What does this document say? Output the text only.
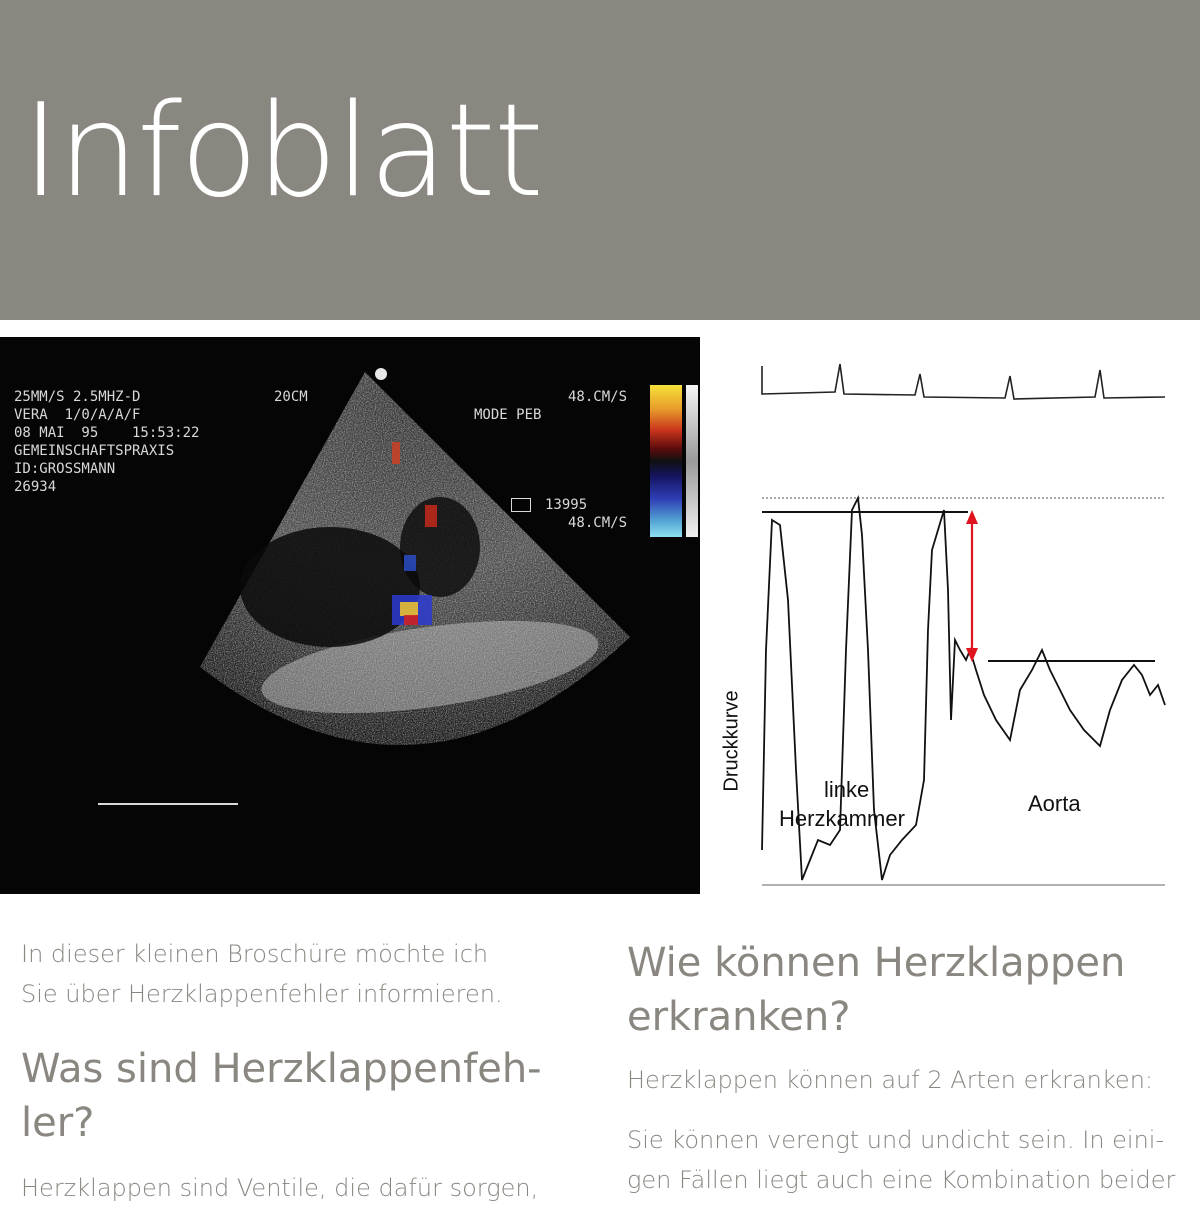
Infoblatt
25MM/S 2.5MHZ-D
VERA  1/0/A/A/F
08 MAI  95    15:53:22
GEMEINSCHAFTSPRAXIS
ID:GROSSMANN
26934
20CM	48.CM/S
MODE PEB
13995
48.CM/S
Druckkurve	linke
Herzkammer
Aorta

In dieser kleinen Broschüre möchte ich Sie über Herzklappenfehler informieren.

Was sind Herzklappenfeh-
ler?

Herzklappen sind Ventile, die dafür sorgen,

Wie können Herzklappen
erkranken?

Herzklappen können auf 2 Arten erkranken:

Sie können verengt und undicht sein. In eini-
gen Fällen liegt auch eine Kombination beider
